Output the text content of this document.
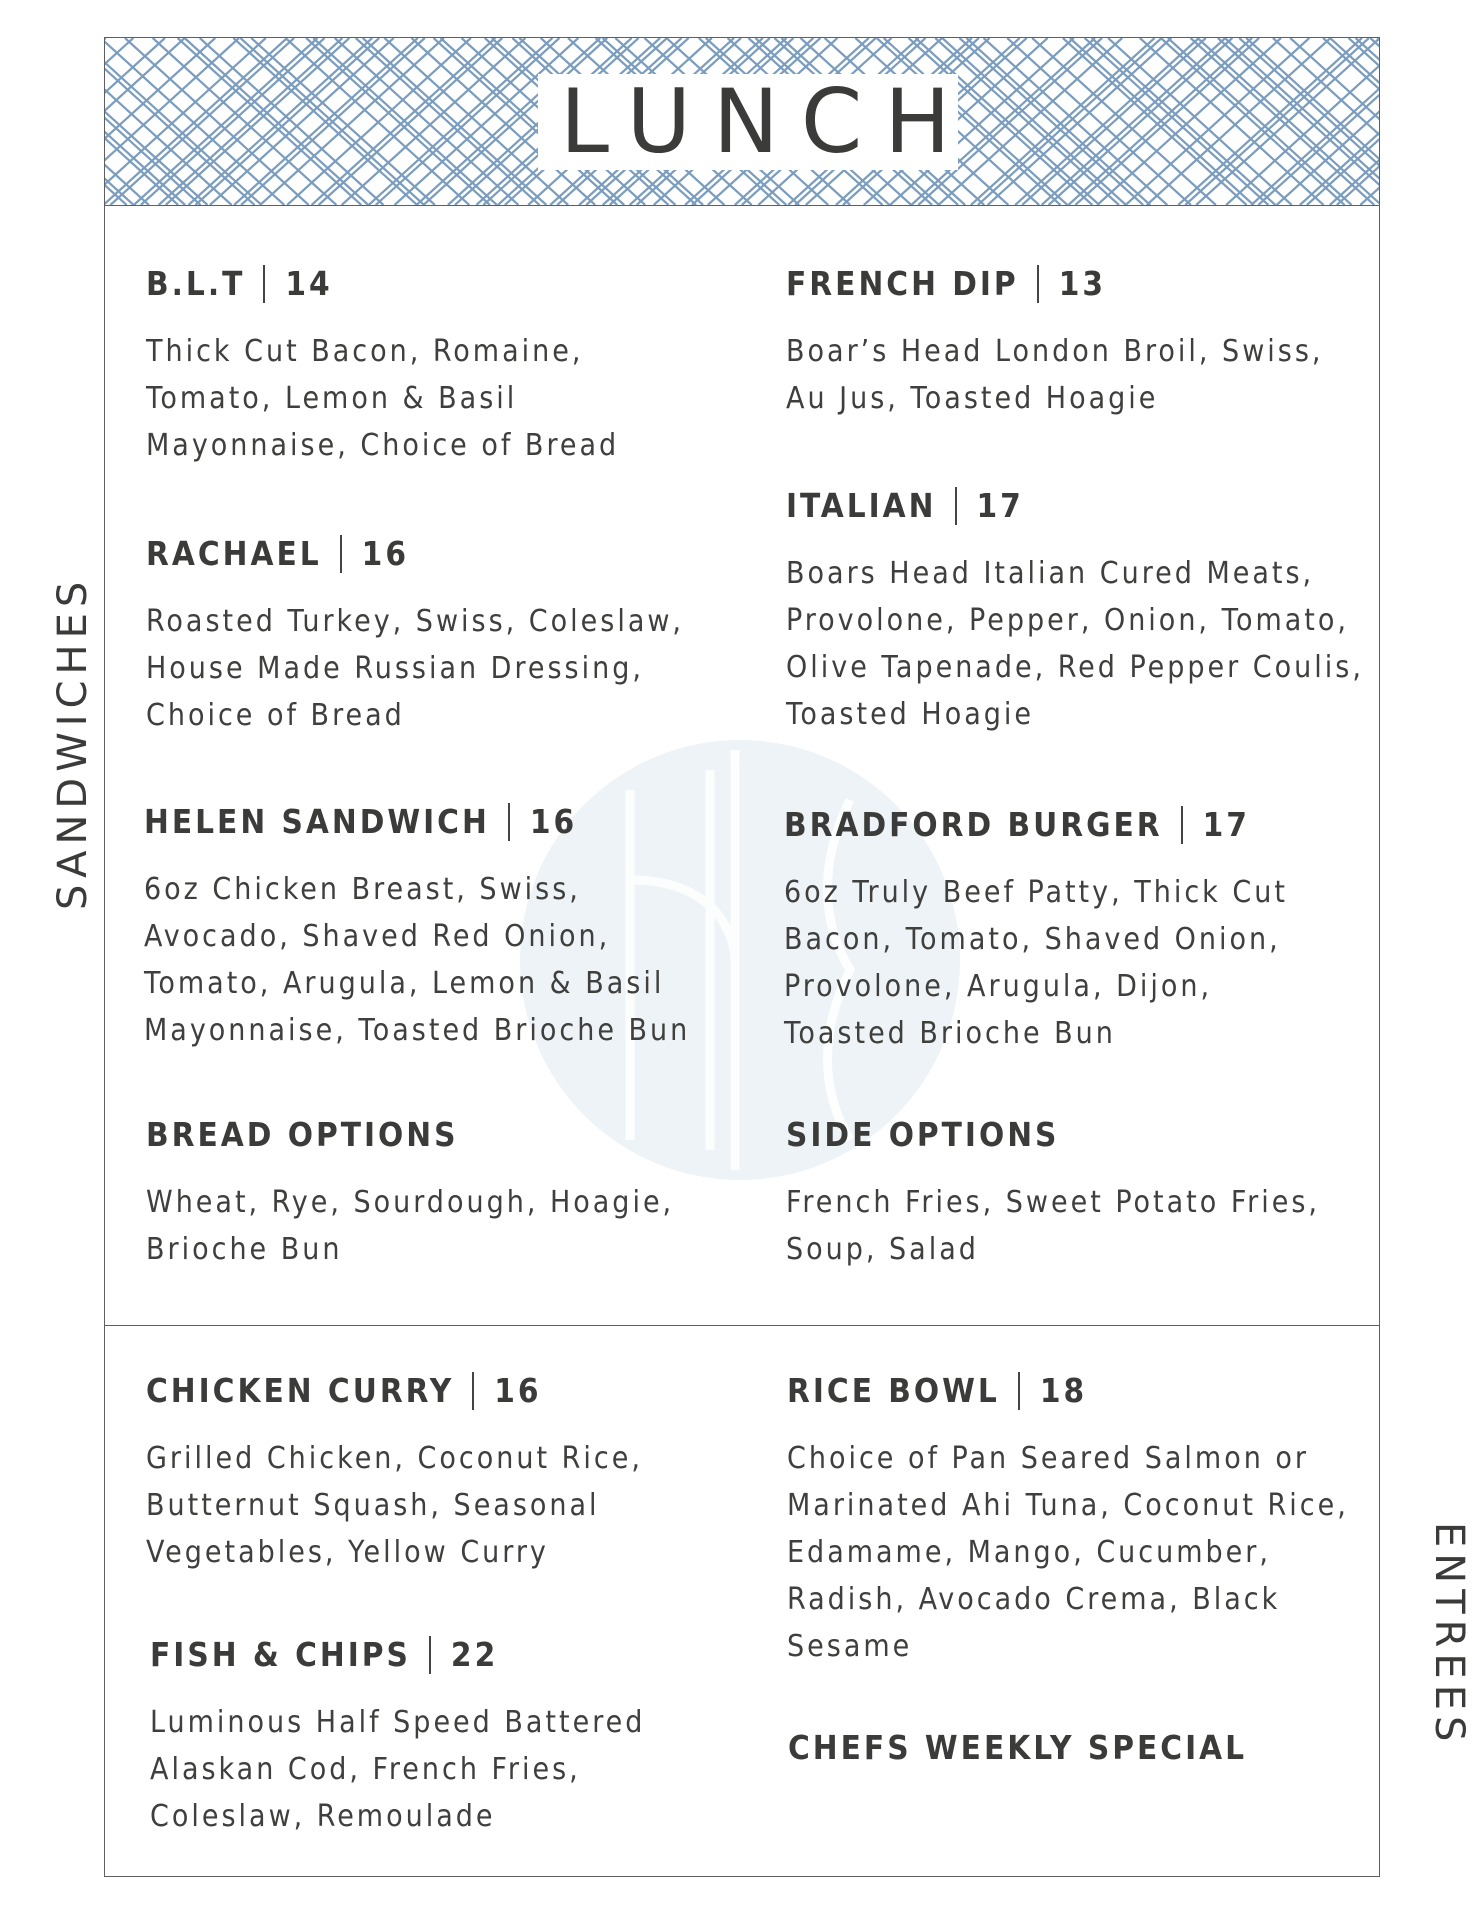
LUNCH
SANDWICHES
ENTREES
B.L.T 14
Thick Cut Bacon, Romaine,
Tomato, Lemon & Basil
Mayonnaise, Choice of Bread
RACHAEL 16
Roasted Turkey, Swiss, Coleslaw,
House Made Russian Dressing,
Choice of Bread
HELEN SANDWICH 16
6oz Chicken Breast, Swiss,
Avocado, Shaved Red Onion,
Tomato, Arugula, Lemon & Basil
Mayonnaise, Toasted Brioche Bun
BREAD OPTIONS
Wheat, Rye, Sourdough, Hoagie,
Brioche Bun
FRENCH DIP 13
Boar’s Head London Broil, Swiss,
Au Jus, Toasted Hoagie
ITALIAN 17
Boars Head Italian Cured Meats,
Provolone, Pepper, Onion, Tomato,
Olive Tapenade, Red Pepper Coulis,
Toasted Hoagie
BRADFORD BURGER 17
6oz Truly Beef Patty, Thick Cut
Bacon, Tomato, Shaved Onion,
Provolone, Arugula, Dijon,
Toasted Brioche Bun
SIDE OPTIONS
French Fries, Sweet Potato Fries,
Soup, Salad
CHICKEN CURRY 16
Grilled Chicken, Coconut Rice,
Butternut Squash, Seasonal
Vegetables, Yellow Curry
FISH & CHIPS 22
Luminous Half Speed Battered
Alaskan Cod, French Fries,
Coleslaw, Remoulade
RICE BOWL 18
Choice of Pan Seared Salmon or
Marinated Ahi Tuna, Coconut Rice,
Edamame, Mango, Cucumber,
Radish, Avocado Crema, Black
Sesame
CHEFS WEEKLY SPECIAL
